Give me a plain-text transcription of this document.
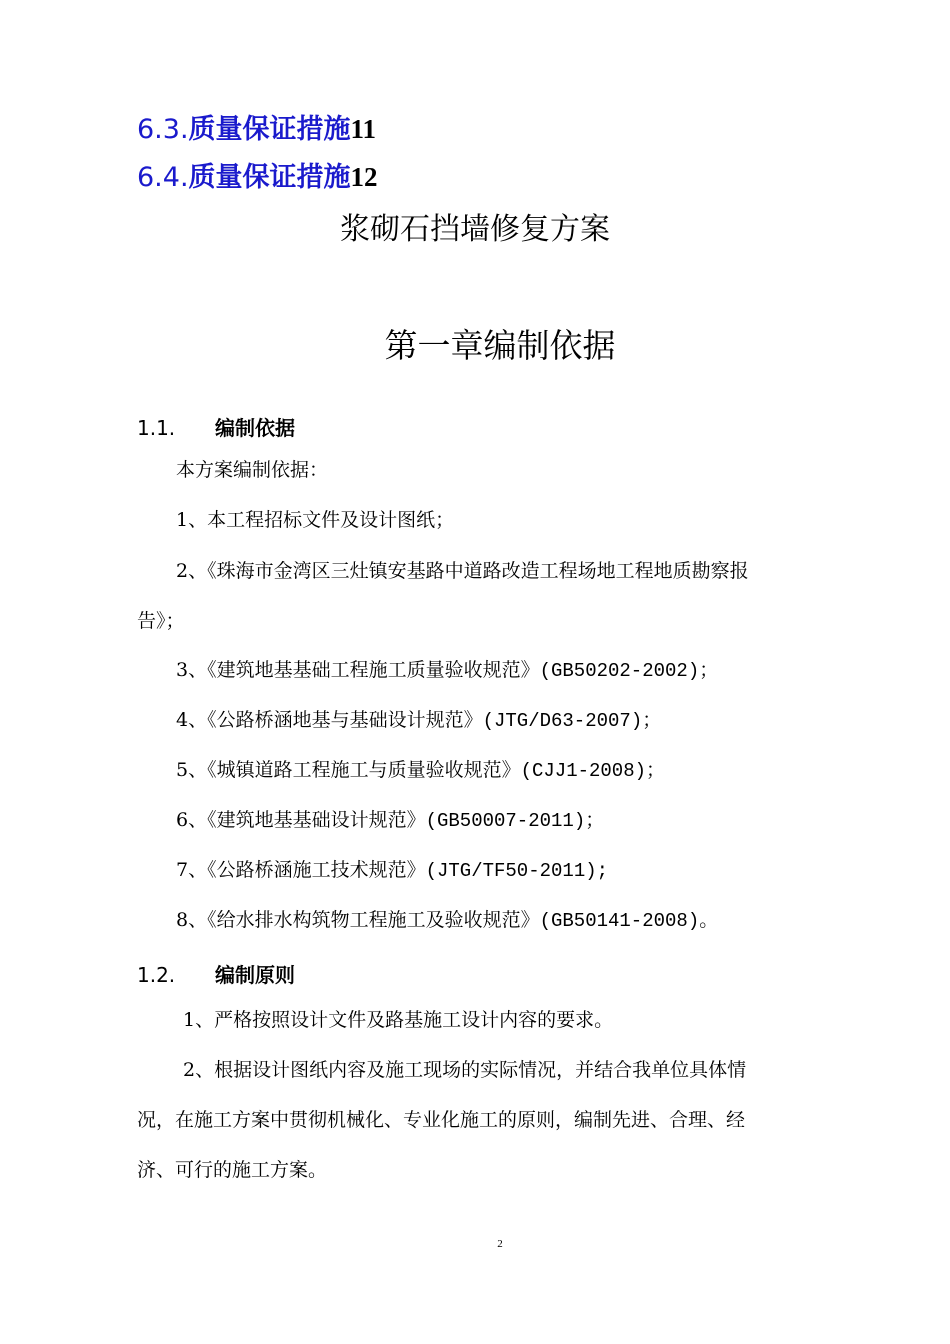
6.3.质量保证措施11
6.4.质量保证措施12
浆砌石挡墙修复方案
第一章编制依据
1.1. 编制依据
本方案编制依据：
1、本工程招标文件及设计图纸；
2、《珠海市金湾区三灶镇安基路中道路改造工程场地工程地质勘察报
告》；
3、《建筑地基基础工程施工质量验收规范》(GB50202-2002)；
4、《公路桥涵地基与基础设计规范》(JTG/D63-2007)；
5、《城镇道路工程施工与质量验收规范》(CJJ1-2008)；
6、《建筑地基基础设计规范》(GB50007-2011)；
7、《公路桥涵施工技术规范》(JTG/TF50-2011);
8、《给水排水构筑物工程施工及验收规范》(GB50141-2008)。
1.2. 编制原则
1、严格按照设计文件及路基施工设计内容的要求。
2、根据设计图纸内容及施工现场的实际情况，并结合我单位具体情
况，在施工方案中贯彻机械化、专业化施工的原则，编制先进、合理、经
济、可行的施工方案。
2
